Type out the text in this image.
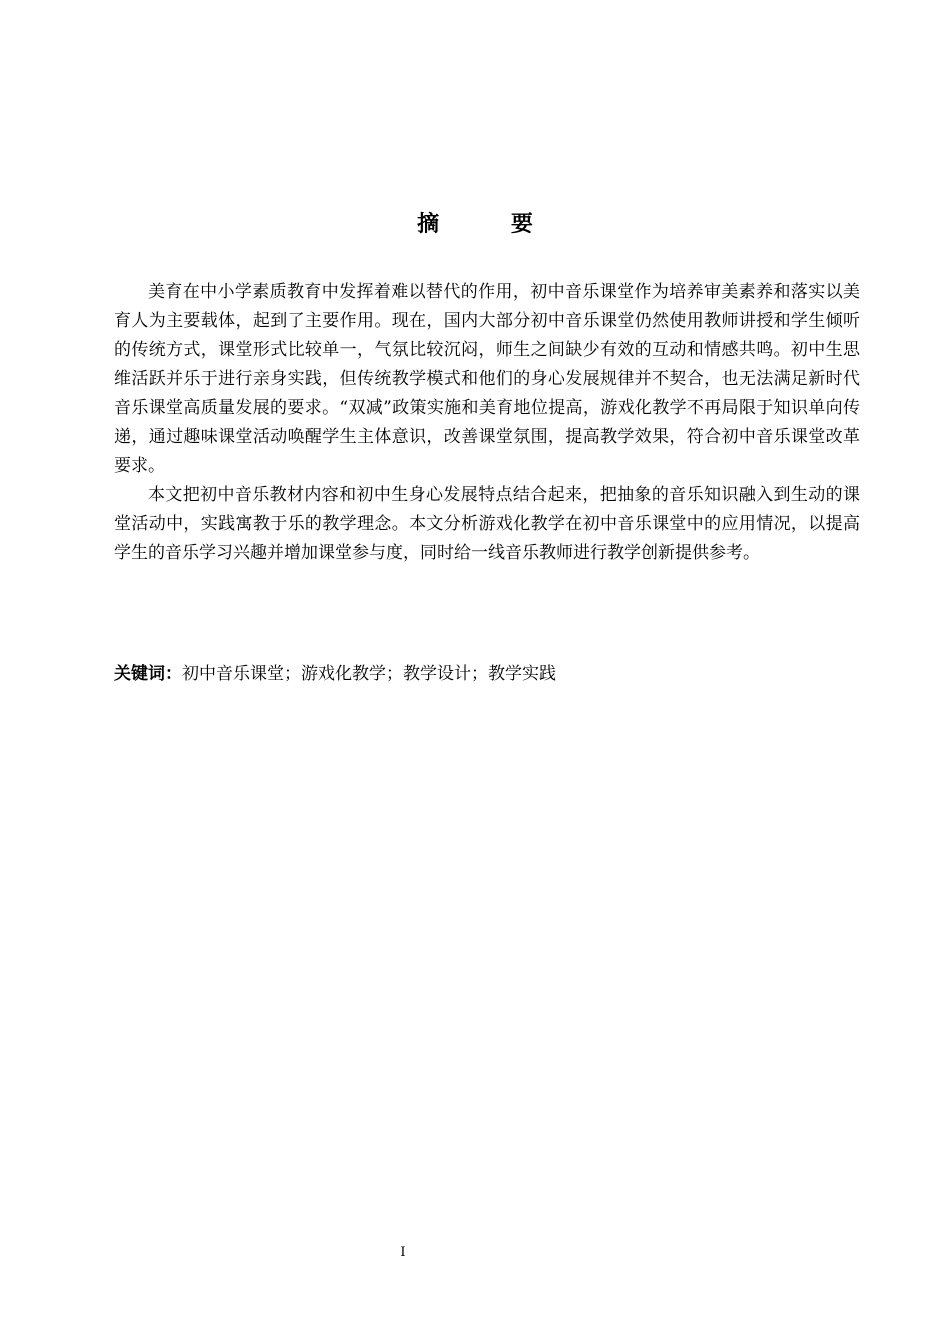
摘 要

美育在中小学素质教育中发挥着难以替代的作用，初中音乐课堂作为培养审美素养和落实以美育人为主要载体，起到了主要作用。现在，国内大部分初中音乐课堂仍然使用教师讲授和学生倾听的传统方式，课堂形式比较单一，气氛比较沉闷，师生之间缺少有效的互动和情感共鸣。初中生思维活跃并乐于进行亲身实践，但传统教学模式和他们的身心发展规律并不契合，也无法满足新时代音乐课堂高质量发展的要求。“双减”政策实施和美育地位提高，游戏化教学不再局限于知识单向传递，通过趣味课堂活动唤醒学生主体意识，改善课堂氛围，提高教学效果，符合初中音乐课堂改革要求。

本文把初中音乐教材内容和初中生身心发展特点结合起来，把抽象的音乐知识融入到生动的课堂活动中，实践寓教于乐的教学理念。本文分析游戏化教学在初中音乐课堂中的应用情况，以提高学生的音乐学习兴趣并增加课堂参与度，同时给一线音乐教师进行教学创新提供参考。

关键词：初中音乐课堂；游戏化教学；教学设计；教学实践
I
